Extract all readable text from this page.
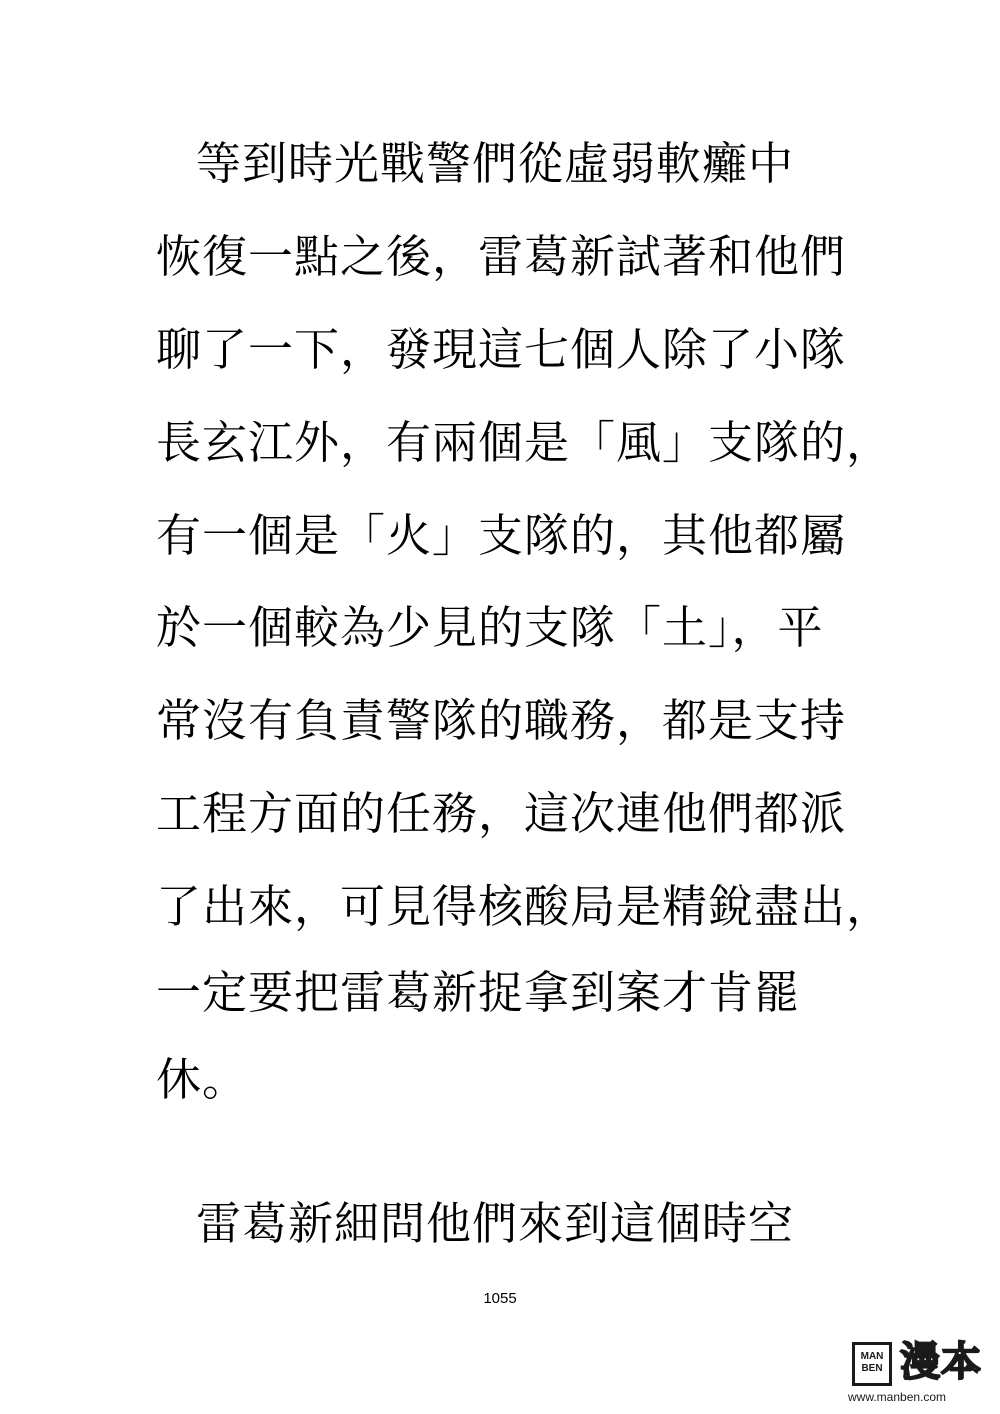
等到時光戰警們從虛弱軟癱中
恢復一點之後，雷葛新試著和他們
聊了一下，發現這七個人除了小隊
長玄江外，有兩個是「風」支隊的，
有一個是「火」支隊的，其他都屬
於一個較為少見的支隊「土」，平
常沒有負責警隊的職務，都是支持
工程方面的任務，這次連他們都派
了出來，可見得核酸局是精銳盡出，
一定要把雷葛新捉拿到案才肯罷
休。
雷葛新細問他們來到這個時空
1055
MAN BEN 漫本
www.manben.com
